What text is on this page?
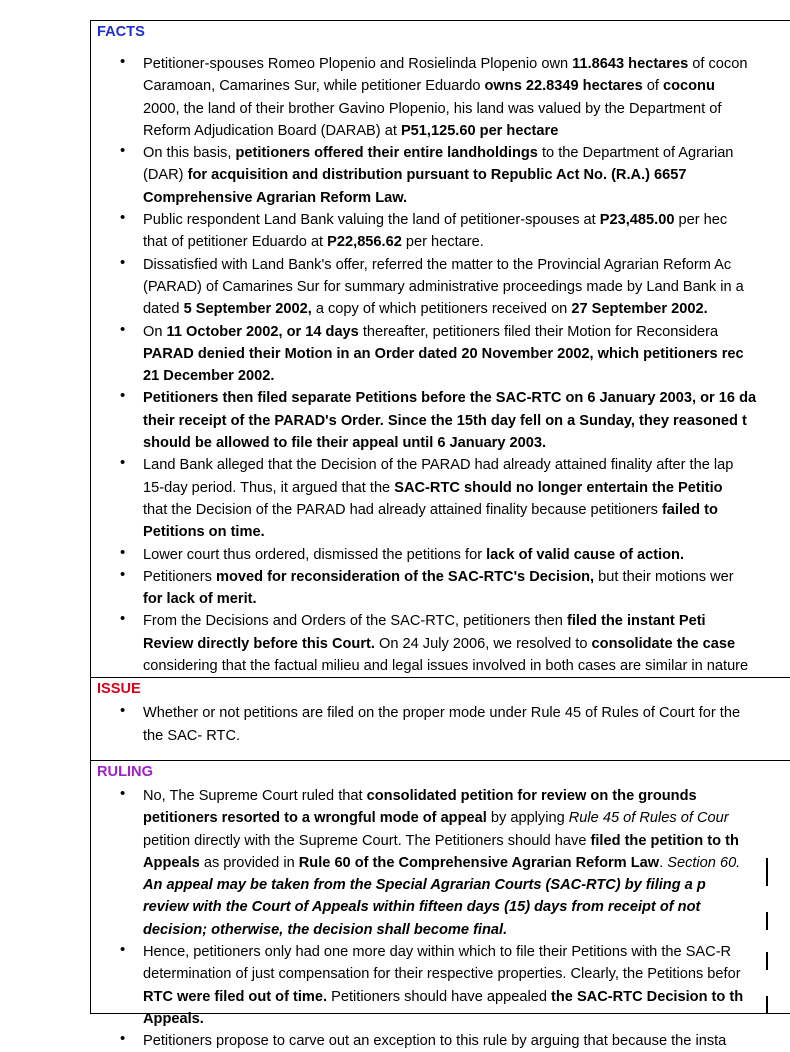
FACTS
• Petitioner-spouses Romeo Plopenio and Rosielinda Plopenio own 11.8643 hectares of cocon
Caramoan, Camarines Sur, while petitioner Eduardo owns 22.8349 hectares of coconu
2000, the land of their brother Gavino Plopenio, his land was valued by the Department of
Reform Adjudication Board (DARAB) at P51,125.60 per hectare
• On this basis, petitioners offered their entire landholdings to the Department of Agrarian
(DAR) for acquisition and distribution pursuant to Republic Act No. (R.A.) 6657
Comprehensive Agrarian Reform Law.
• Public respondent Land Bank valuing the land of petitioner-spouses at P23,485.00 per hec
that of petitioner Eduardo at P22,856.62 per hectare.
• Dissatisfied with Land Bank's offer, referred the matter to the Provincial Agrarian Reform Ac
(PARAD) of Camarines Sur for summary administrative proceedings made by Land Bank in a
dated 5 September 2002, a copy of which petitioners received on 27 September 2002.
• On 11 October 2002, or 14 days thereafter, petitioners filed their Motion for Reconsidera
PARAD denied their Motion in an Order dated 20 November 2002, which petitioners rec
21 December 2002.
• Petitioners then filed separate Petitions before the SAC-RTC on 6 January 2003, or 16 da
their receipt of the PARAD's Order. Since the 15th day fell on a Sunday, they reasoned t
should be allowed to file their appeal until 6 January 2003.
• Land Bank alleged that the Decision of the PARAD had already attained finality after the lap
15-day period. Thus, it argued that the SAC-RTC should no longer entertain the Petitio
that the Decision of the PARAD had already attained finality because petitioners failed to
Petitions on time.
• Lower court thus ordered, dismissed the petitions for lack of valid cause of action.
• Petitioners moved for reconsideration of the SAC-RTC's Decision, but their motions wer
for lack of merit.
• From the Decisions and Orders of the SAC-RTC, petitioners then filed the instant Peti
Review directly before this Court. On 24 July 2006, we resolved to consolidate the case
considering that the factual milieu and legal issues involved in both cases are similar in nature
ISSUE
• Whether or not petitions are filed on the proper mode under Rule 45 of Rules of Court for the
the SAC- RTC.
RULING
• No, The Supreme Court ruled that consolidated petition for review on the grounds
petitioners resorted to a wrongful mode of appeal by applying Rule 45 of Rules of Cour
petition directly with the Supreme Court. The Petitioners should have filed the petition to th
Appeals as provided in Rule 60 of the Comprehensive Agrarian Reform Law. Section 60.
An appeal may be taken from the Special Agrarian Courts (SAC-RTC) by filing a p
review with the Court of Appeals within fifteen days (15) days from receipt of not
decision; otherwise, the decision shall become final.
• Hence, petitioners only had one more day within which to file their Petitions with the SAC-R
determination of just compensation for their respective properties. Clearly, the Petitions befor
RTC were filed out of time. Petitioners should have appealed the SAC-RTC Decision to th
Appeals.
• Petitioners propose to carve out an exception to this rule by arguing that because the insta
